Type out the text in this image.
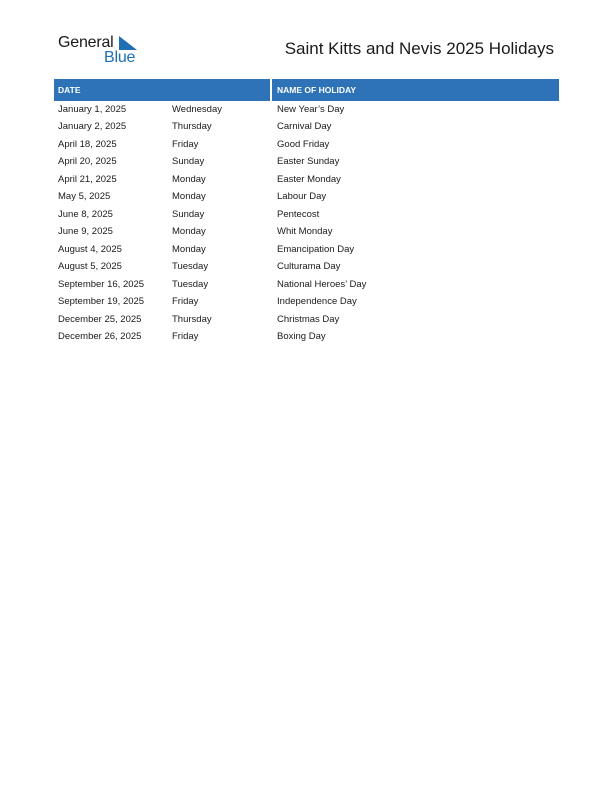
General
Blue	Saint Kitts and Nevis 2025 Holidays
DATE		NAME OF HOLIDAY
January 1, 2025	Wednesday	New Year’s Day
January 2, 2025	Thursday	Carnival Day
April 18, 2025	Friday	Good Friday
April 20, 2025	Sunday	Easter Sunday
April 21, 2025	Monday	Easter Monday
May 5, 2025	Monday	Labour Day
June 8, 2025	Sunday	Pentecost
June 9, 2025	Monday	Whit Monday
August 4, 2025	Monday	Emancipation Day
August 5, 2025	Tuesday	Culturama Day
September 16, 2025	Tuesday	National Heroes’ Day
September 19, 2025	Friday	Independence Day
December 25, 2025	Thursday	Christmas Day
December 26, 2025	Friday	Boxing Day
